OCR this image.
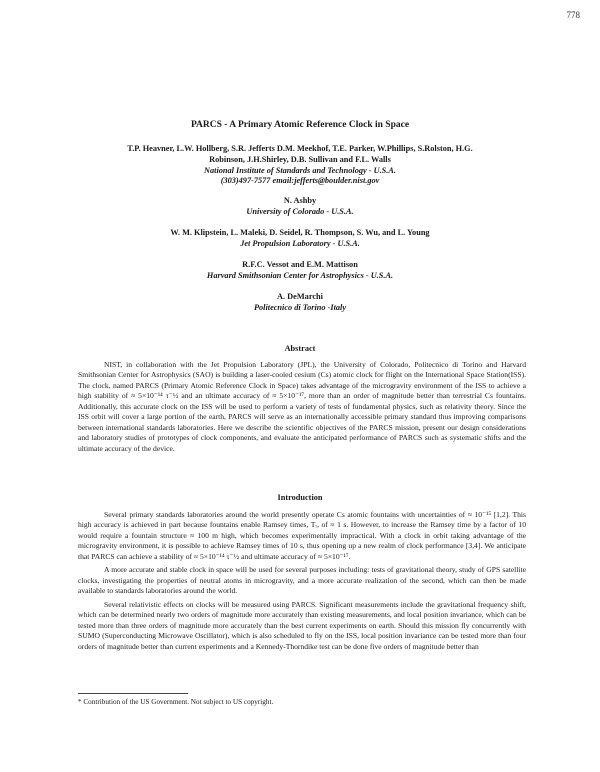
778
PARCS - A Primary Atomic Reference Clock in Space
T.P. Heavner, L.W. Hollberg, S.R. Jefferts D.M. Meekhof, T.E. Parker, W.Phillips, S.Rolston, H.G. Robinson, J.H.Shirley, D.B. Sullivan and F.L. Walls
National Institute of Standards and Technology - U.S.A.
(303)497-7577 email:jefferts@boulder.nist.gov
N. Ashby
University of Colorado - U.S.A.
W. M. Klipstein, L. Maleki, D. Seidel, R. Thompson, S. Wu, and L. Young
Jet Propulsion Laboratory - U.S.A.
R.F.C. Vessot and E.M. Mattison
Harvard Smithsonian Center for Astrophysics - U.S.A.
A. DeMarchi
Politecnico di Torino -Italy
Abstract
NIST, in collaboration with the Jet Propulsion Laboratory (JPL), the University of Colorado, Politecnico di Torino and Harvard Smithsonian Center for Astrophysics (SAO) is building a laser-cooled cesium (Cs) atomic clock for flight on the International Space Station(ISS). The clock, named PARCS (Primary Atomic Reference Clock in Space) takes advantage of the microgravity environment of the ISS to achieve a high stability of ≈ 5×10⁻¹⁴ τ⁻½ and an ultimate accuracy of ≈ 5×10⁻¹⁷, more than an order of magnitude better than terrestrial Cs fountains. Additionally, this accurate clock on the ISS will be used to perform a variety of tests of fundamental physics, such as relativity theory. Since the ISS orbit will cover a large portion of the earth, PARCS will serve as an internationally accessible primary standard thus improving comparisons between international standards laboratories. Here we describe the scientific objectives of the PARCS mission, present our design considerations and laboratory studies of prototypes of clock components, and evaluate the anticipated performance of PARCS such as systematic shifts and the ultimate accuracy of the device.
Introduction

Several primary standards laboratories around the world presently operate Cs atomic fountains with uncertainties of ≈ 10⁻¹⁵ [1,2]. This high accuracy is achieved in part because fountains enable Ramsey times, Tᵣ, of ≈ 1 s. However, to increase the Ramsey time by a factor of 10 would require a fountain structure ≈ 100 m high, which becomes experimentally impractical. With a clock in orbit taking advantage of the microgravity environment, it is possible to achieve Ramsey times of 10 s, thus opening up a new realm of clock performance [3,4]. We anticipate that PARCS can achieve a stability of ≈ 5×10⁻¹⁴ τ⁻½ and ultimate accuracy of ≈ 5×10⁻¹⁷.

A more accurate and stable clock in space will be used for several purposes including: tests of gravitational theory, study of GPS satellite clocks, investigating the properties of neutral atoms in microgravity, and a more accurate realization of the second, which can then be made available to standards laboratories around the world.

Several relativistic effects on clocks will be measured using PARCS. Significant measurements include the gravitational frequency shift, which can be determined nearly two orders of magnitude more accurately than existing measurements, and local position invariance, which can be tested more than three orders of magnitude more accurately than the best current experiments on earth. Should this mission fly concurrently with SUMO (Superconducting Microwave Oscillator), which is also scheduled to fly on the ISS, local position invariance can be tested more than four orders of magnitude better than current experiments and a Kennedy-Thorndike test can be done five orders of magnitude better than

* Contribution of the US Government. Not subject to US copyright.
